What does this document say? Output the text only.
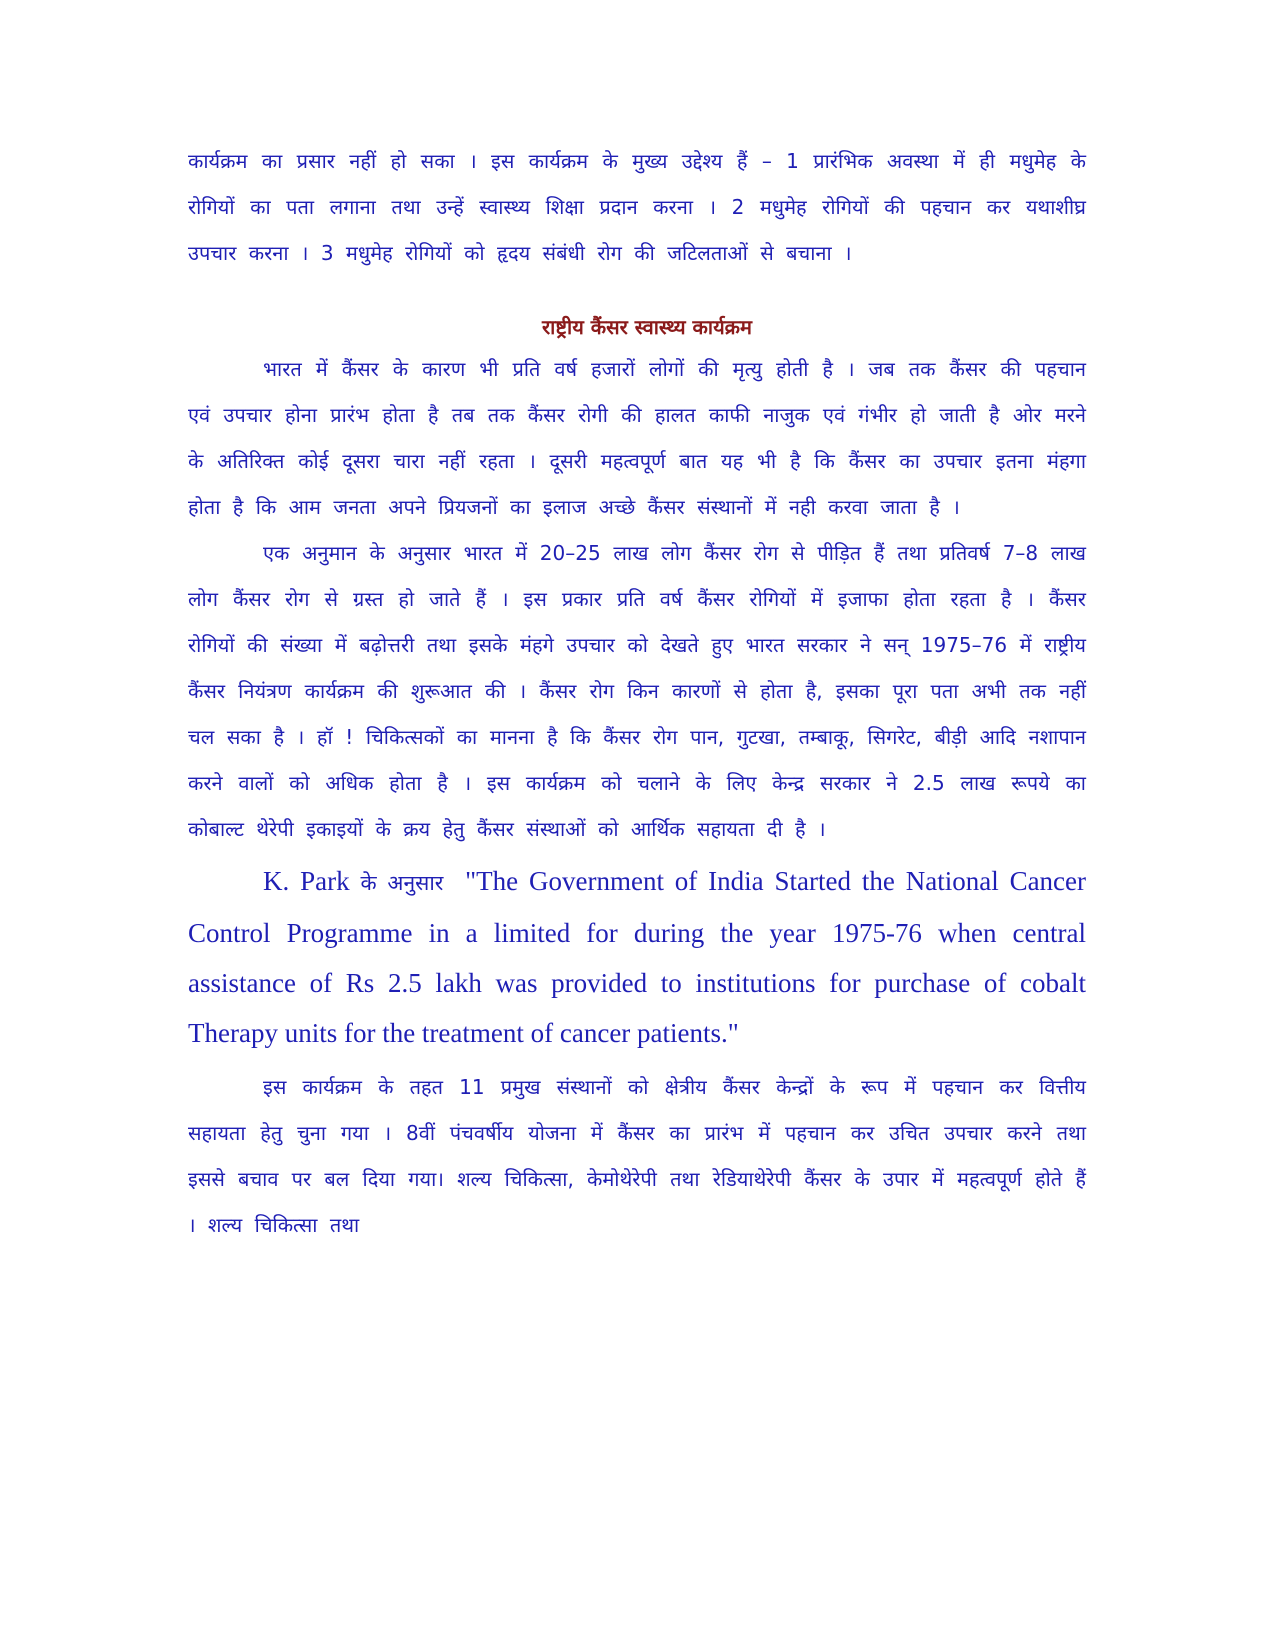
कार्यक्रम का प्रसार नहीं हो सका । इस कार्यक्रम के मुख्य उद्देश्य हैं – 1 प्रारंभिक अवस्था में ही मधुमेह के रोगियों का पता लगाना तथा उन्हें स्वास्थ्य शिक्षा प्रदान करना । 2 मधुमेह रोगियों की पहचान कर यथाशीघ्र उपचार करना । 3 मधुमेह रोगियों को हृदय संबंधी रोग की जटिलताओं से बचाना ।

राष्ट्रीय कैंसर स्वास्थ्य कार्यक्रम

भारत में कैंसर के कारण भी प्रति वर्ष हजारों लोगों की मृत्यु होती है । जब तक कैंसर की पहचान एवं उपचार होना प्रारंभ होता है तब तक कैंसर रोगी की हालत काफी नाजुक एवं गंभीर हो जाती है ओर मरने के अतिरिक्त कोई दूसरा चारा नहीं रहता । दूसरी महत्वपूर्ण बात यह भी है कि कैंसर का उपचार इतना मंहगा होता है कि आम जनता अपने प्रियजनों का इलाज अच्छे कैंसर संस्थानों में नही करवा जाता है ।

एक अनुमान के अनुसार भारत में 20–25 लाख लोग कैंसर रोग से पीड़ित हैं तथा प्रतिवर्ष 7–8 लाख लोग कैंसर रोग से ग्रस्त हो जाते हैं । इस प्रकार प्रति वर्ष कैंसर रोगियों में इजाफा होता रहता है । कैंसर रोगियों की संख्या में बढ़ोत्तरी तथा इसके मंहगे उपचार को देखते हुए भारत सरकार ने सन् 1975–76 में राष्ट्रीय कैंसर नियंत्रण कार्यक्रम की शुरूआत की । कैंसर रोग किन कारणों से होता है, इसका पूरा पता अभी तक नहीं चल सका है । हॉ ! चिकित्सकों का मानना है कि कैंसर रोग पान, गुटखा, तम्बाकू, सिगरेट, बीड़ी आदि नशापान करने वालों को अधिक होता है । इस कार्यक्रम को चलाने के लिए केन्द्र सरकार ने 2.5 लाख रूपये का कोबाल्ट थेरेपी इकाइयों के क्रय हेतु कैंसर संस्थाओं को आर्थिक सहायता दी है ।

K. Park के अनुसार "The Government of India Started the National Cancer Control Programme in a limited for during the year 1975-76 when central assistance of Rs 2.5 lakh was provided to institutions for purchase of cobalt Therapy units for the treatment of cancer patients."

इस कार्यक्रम के तहत 11 प्रमुख संस्थानों को क्षेत्रीय कैंसर केन्द्रों के रूप में पहचान कर वित्तीय सहायता हेतु चुना गया । 8वीं पंचवर्षीय योजना में कैंसर का प्रारंभ में पहचान कर उचित उपचार करने तथा इससे बचाव पर बल दिया गया। शल्य चिकित्सा, केमोथेरेपी तथा रेडियाथेरेपी कैंसर के उपार में महत्वपूर्ण होते हैं । शल्य चिकित्सा तथा
